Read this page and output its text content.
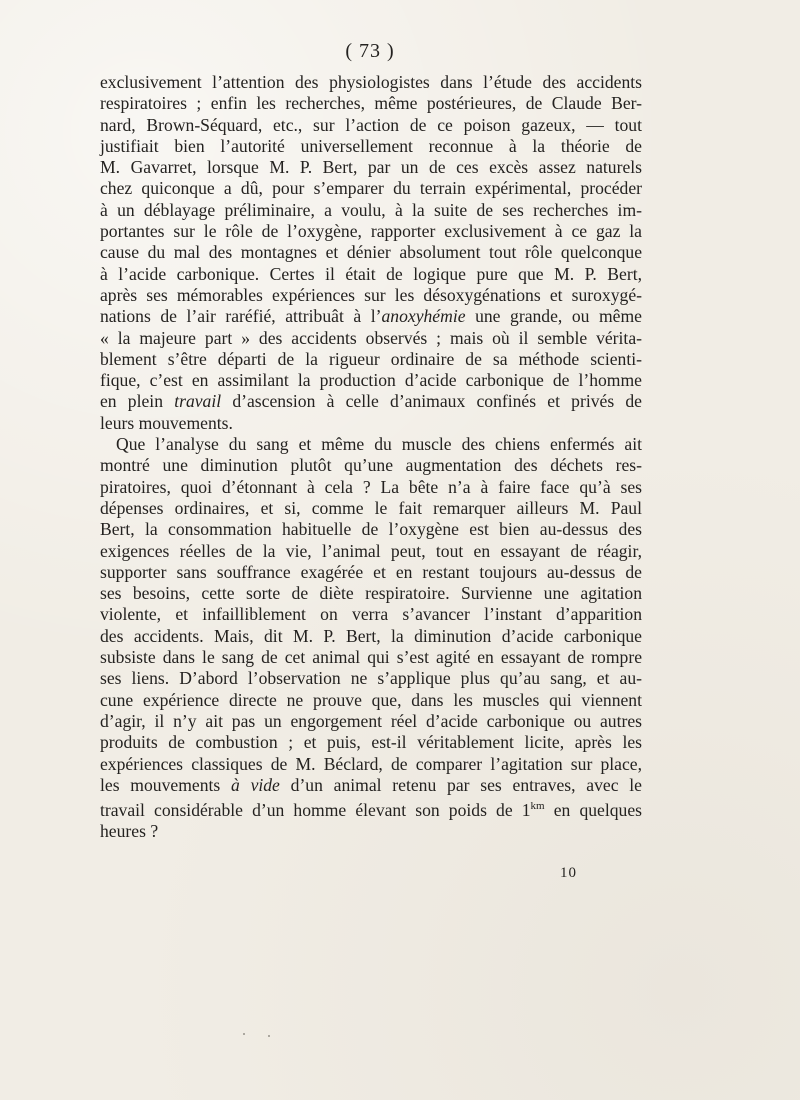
( 73 )
exclusivement l’attention des physiologistes dans l’étude des accidents
respiratoires ; enfin les recherches, même postérieures, de Claude Ber-
nard, Brown-Séquard, etc., sur l’action de ce poison gazeux, — tout
justifiait bien l’autorité universellement reconnue à la théorie de
M. Gavarret, lorsque M. P. Bert, par un de ces excès assez naturels
chez quiconque a dû, pour s’emparer du terrain expérimental, procéder
à un déblayage préliminaire, a voulu, à la suite de ses recherches im-
portantes sur le rôle de l’oxygène, rapporter exclusivement à ce gaz la
cause du mal des montagnes et dénier absolument tout rôle quelconque
à l’acide carbonique. Certes il était de logique pure que M. P. Bert,
après ses mémorables expériences sur les désoxygénations et suroxygé-
nations de l’air raréfié, attribuât à l’anoxyhémie une grande, ou même
« la majeure part » des accidents observés ; mais où il semble vérita-
blement s’être départi de la rigueur ordinaire de sa méthode scienti-
fique, c’est en assimilant la production d’acide carbonique de l’homme
en plein travail d’ascension à celle d’animaux confinés et privés de
leurs mouvements.
Que l’analyse du sang et même du muscle des chiens enfermés ait
montré une diminution plutôt qu’une augmentation des déchets res-
piratoires, quoi d’étonnant à cela ? La bête n’a à faire face qu’à ses
dépenses ordinaires, et si, comme le fait remarquer ailleurs M. Paul
Bert, la consommation habituelle de l’oxygène est bien au-dessus des
exigences réelles de la vie, l’animal peut, tout en essayant de réagir,
supporter sans souffrance exagérée et en restant toujours au-dessus de
ses besoins, cette sorte de diète respiratoire. Survienne une agitation
violente, et infailliblement on verra s’avancer l’instant d’apparition
des accidents. Mais, dit M. P. Bert, la diminution d’acide carbonique
subsiste dans le sang de cet animal qui s’est agité en essayant de rompre
ses liens. D’abord l’observation ne s’applique plus qu’au sang, et au-
cune expérience directe ne prouve que, dans les muscles qui viennent
d’agir, il n’y ait pas un engorgement réel d’acide carbonique ou autres
produits de combustion ; et puis, est-il véritablement licite, après les
expériences classiques de M. Béclard, de comparer l’agitation sur place,
les mouvements à vide d’un animal retenu par ses entraves, avec le
travail considérable d’un homme élevant son poids de $1^{km}$ en quelques
heures ?
10
